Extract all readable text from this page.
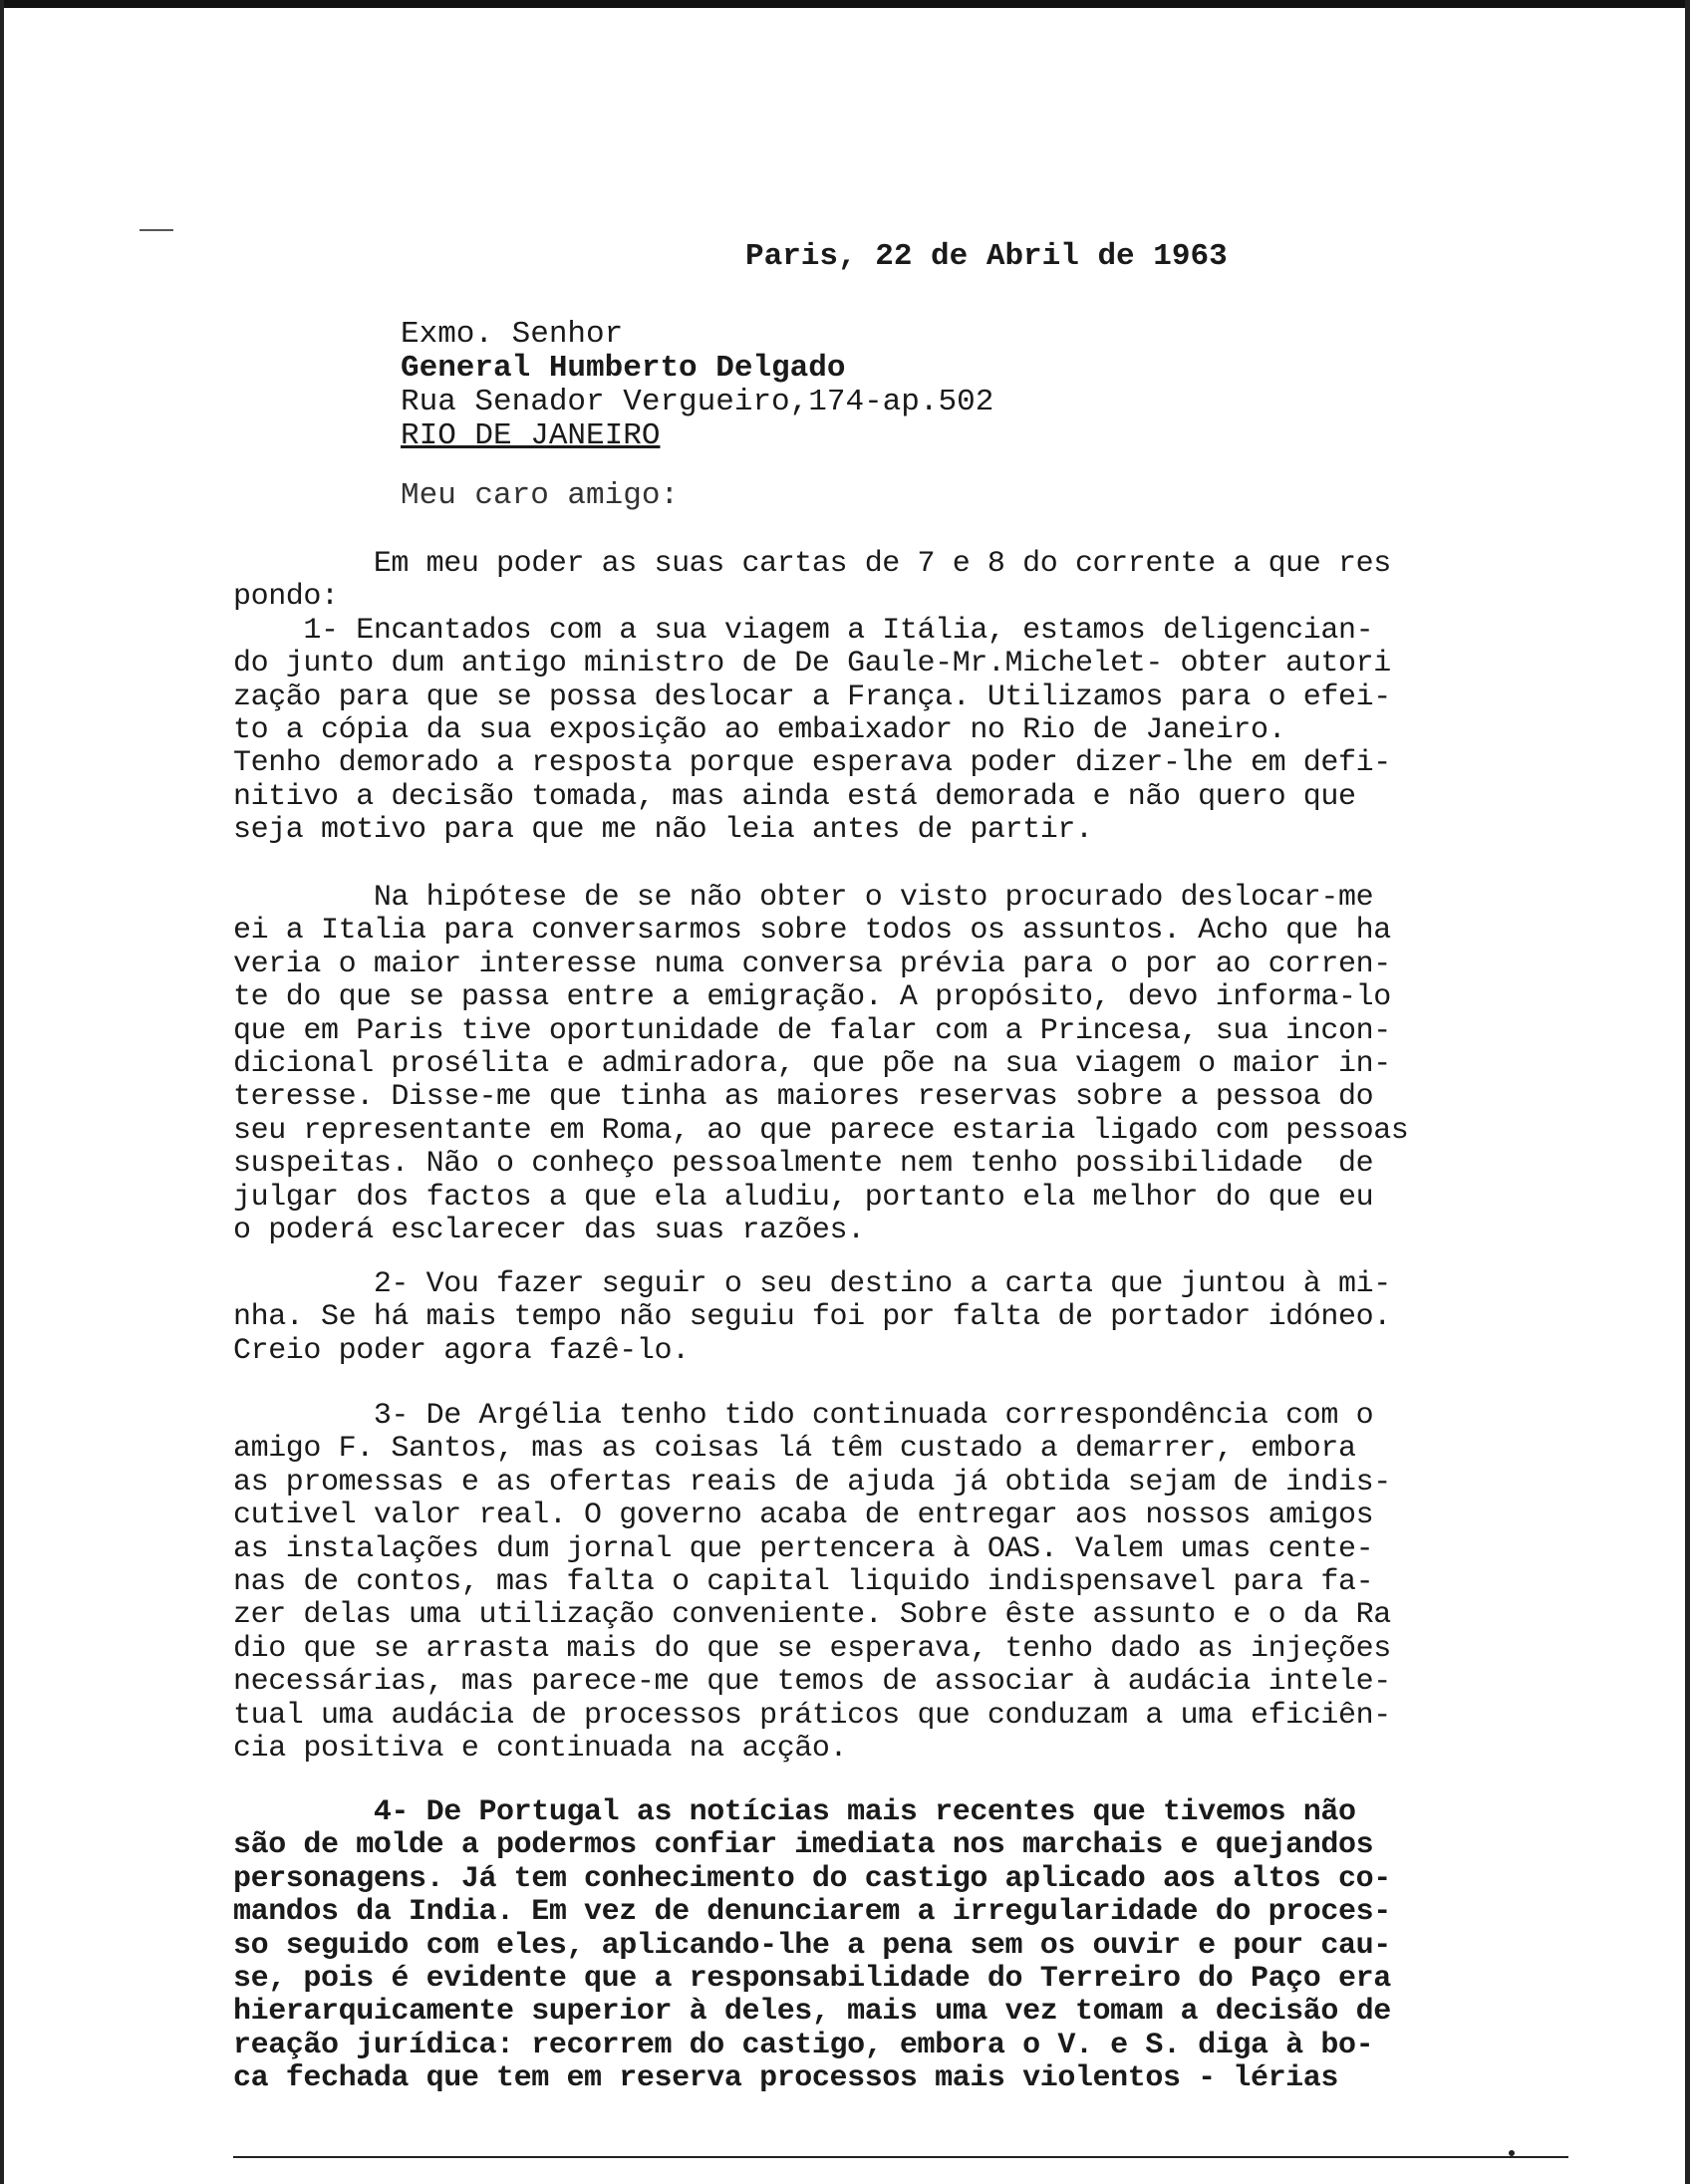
Paris, 22 de Abril de 1963
Exmo. Senhor
General Humberto Delgado
Rua Senador Vergueiro,174-ap.502
RIO DE JANEIRO
Meu caro amigo:
Em meu poder as suas cartas de 7 e 8 do corrente a que res
pondo:
1- Encantados com a sua viagem a Itália, estamos deligencian-
do junto dum antigo ministro de De Gaule-Mr.Michelet- obter autori
zação para que se possa deslocar a França. Utilizamos para o efei-
to a cópia da sua exposição ao embaixador no Rio de Janeiro.
Tenho demorado a resposta porque esperava poder dizer-lhe em defi-
nitivo a decisão tomada, mas ainda está demorada e não quero que
seja motivo para que me não leia antes de partir.
Na hipótese de se não obter o visto procurado deslocar-me
ei a Italia para conversarmos sobre todos os assuntos. Acho que ha
veria o maior interesse numa conversa prévia para o por ao corren-
te do que se passa entre a emigração. A propósito, devo informa-lo
que em Paris tive oportunidade de falar com a Princesa, sua incon-
dicional prosélita e admiradora, que põe na sua viagem o maior in-
teresse. Disse-me que tinha as maiores reservas sobre a pessoa do
seu representante em Roma, ao que parece estaria ligado com pessoas
suspeitas. Não o conheço pessoalmente nem tenho possibilidade  de
julgar dos factos a que ela aludiu, portanto ela melhor do que eu
o poderá esclarecer das suas razões.
2- Vou fazer seguir o seu destino a carta que juntou à mi-
nha. Se há mais tempo não seguiu foi por falta de portador idóneo.
Creio poder agora fazê-lo.
3- De Argélia tenho tido continuada correspondência com o
amigo F. Santos, mas as coisas lá têm custado a demarrer, embora
as promessas e as ofertas reais de ajuda já obtida sejam de indis-
cutivel valor real. O governo acaba de entregar aos nossos amigos
as instalações dum jornal que pertencera à OAS. Valem umas cente-
nas de contos, mas falta o capital liquido indispensavel para fa-
zer delas uma utilização conveniente. Sobre êste assunto e o da Ra
dio que se arrasta mais do que se esperava, tenho dado as injeções
necessárias, mas parece-me que temos de associar à audácia intele-
tual uma audácia de processos práticos que conduzam a uma eficiên-
cia positiva e continuada na acção.
4- De Portugal as notícias mais recentes que tivemos não
são de molde a podermos confiar imediata nos marchais e quejandos
personagens. Já tem conhecimento do castigo aplicado aos altos co-
mandos da India. Em vez de denunciarem a irregularidade do proces-
so seguido com eles, aplicando-lhe a pena sem os ouvir e pour cau-
se, pois é evidente que a responsabilidade do Terreiro do Paço era
hierarquicamente superior à deles, mais uma vez tomam a decisão de
reação jurídica: recorrem do castigo, embora o V. e S. diga à bo-
ca fechada que tem em reserva processos mais violentos - lérias
